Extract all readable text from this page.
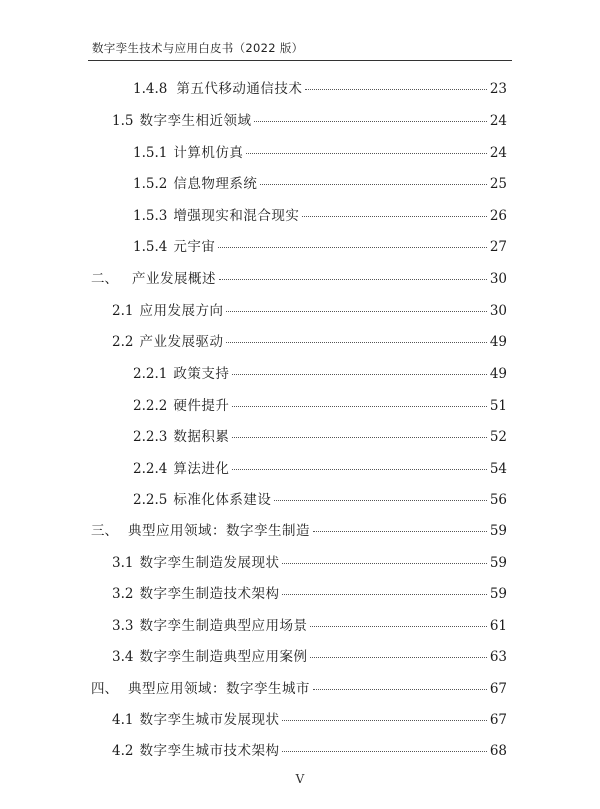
数字孪生技术与应用白皮书（2022 版）
1.4.8 第五代移动通信技术	23
1.5 数字孪生相近领域	24
1.5.1 计算机仿真	24
1.5.2 信息物理系统	25
1.5.3 增强现实和混合现实	26
1.5.4 元宇宙	27
二、 产业发展概述	30
2.1 应用发展方向	30
2.2 产业发展驱动	49
2.2.1 政策支持	49
2.2.2 硬件提升	51
2.2.3 数据积累	52
2.2.4 算法进化	54
2.2.5 标准化体系建设	56
三、 典型应用领域：数字孪生制造	59
3.1 数字孪生制造发展现状	59
3.2 数字孪生制造技术架构	59
3.3 数字孪生制造典型应用场景	61
3.4 数字孪生制造典型应用案例	63
四、 典型应用领域：数字孪生城市	67
4.1 数字孪生城市发展现状	67
4.2 数字孪生城市技术架构	68
V
